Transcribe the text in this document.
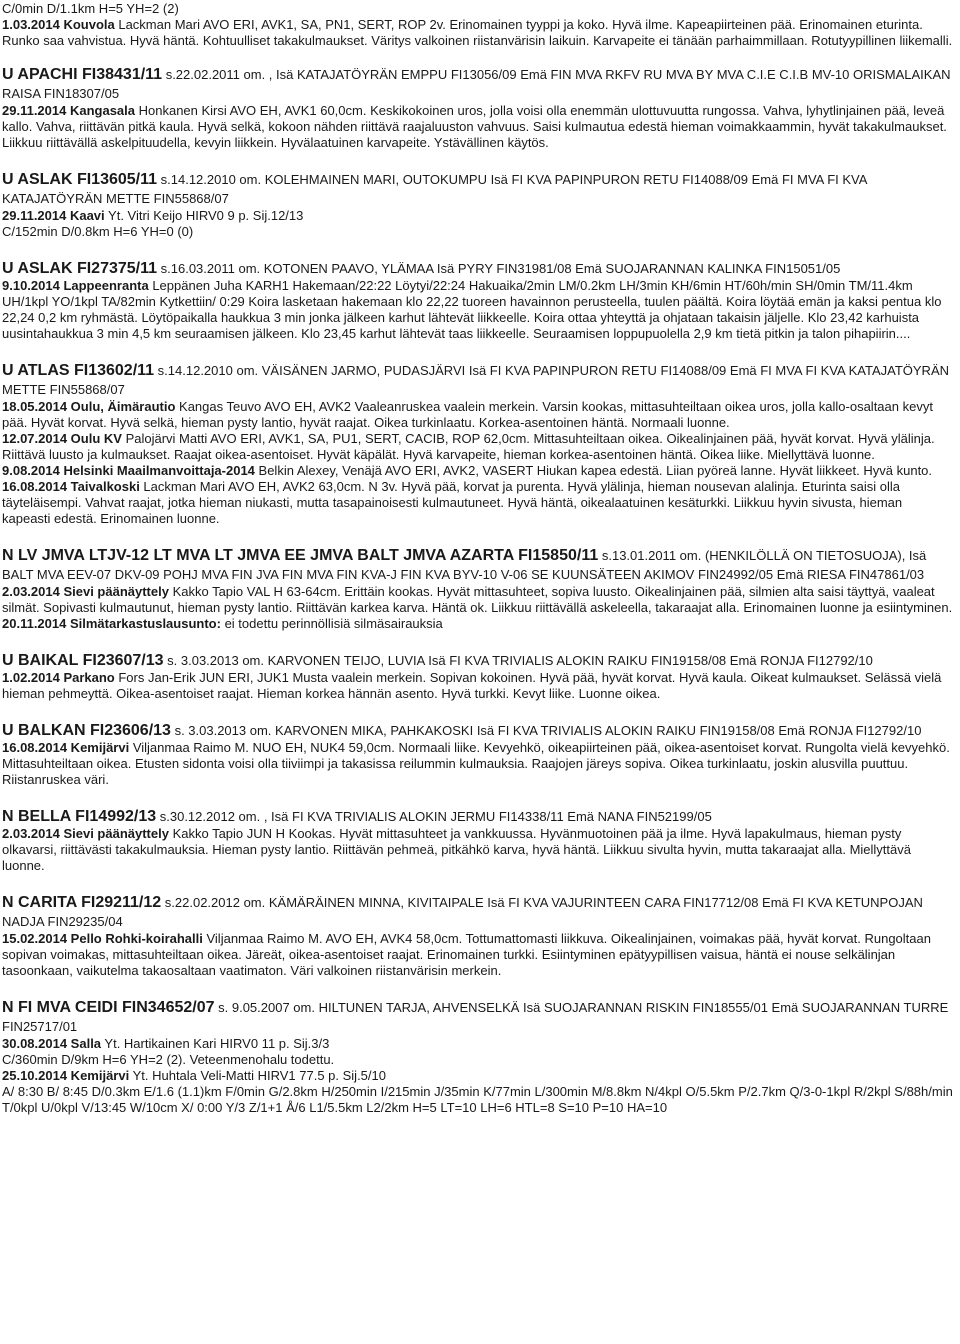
C/0min D/1.1km H=5 YH=2 (2)

1.03.2014 Kouvola Lackman Mari AVO ERI, AVK1, SA, PN1, SERT, ROP 2v. Erinomainen tyyppi ja koko. Hyvä ilme. Kapeapiirteinen pää. Erinomainen eturinta. Runko saa vahvistua. Hyvä häntä. Kohtuulliset takakulmaukset. Väritys valkoinen riistanvärisin laikuin. Karvapeite ei tänään parhaimmillaan. Rotutyypillinen liikemalli.

U APACHI FI38431/11 s.22.02.2011 om. , Isä KATAJATÖYRÄN EMPPU FI13056/09 Emä FIN MVA RKFV RU MVA BY MVA C.I.E C.I.B MV-10 ORISMALAIKAN RAISA FIN18307/05

29.11.2014 Kangasala Honkanen Kirsi AVO EH, AVK1 60,0cm. Keskikokoinen uros, jolla voisi olla enemmän ulottuvuutta rungossa. Vahva, lyhytlinjainen pää, leveä kallo. Vahva, riittävän pitkä kaula. Hyvä selkä, kokoon nähden riittävä raajaluuston vahvuus. Saisi kulmautua edestä hieman voimakkaammin, hyvät takakulmaukset. Liikkuu riittävällä askelpituudella, kevyin liikkein. Hyvälaatuinen karvapeite. Ystävällinen käytös.

U ASLAK FI13605/11 s.14.12.2010 om. KOLEHMAINEN MARI, OUTOKUMPU Isä FI KVA PAPINPURON RETU FI14088/09 Emä FI MVA FI KVA KATAJATÖYRÄN METTE FIN55868/07

29.11.2014 Kaavi Yt. Vitri Keijo HIRV0 9 p. Sij.12/13

C/152min D/0.8km H=6 YH=0 (0)

U ASLAK FI27375/11 s.16.03.2011 om. KOTONEN PAAVO, YLÄMAA Isä PYRY FIN31981/08 Emä SUOJARANNAN KALINKA FIN15051/05

9.10.2014 Lappeenranta Leppänen Juha KARH1 Hakemaan/22:22 Löytyi/22:24 Hakuaika/2min LM/0.2km LH/3min KH/6min HT/60h/min SH/0min TM/11.4km UH/1kpl YO/1kpl TA/82min Kytkettiin/ 0:29 Koira lasketaan hakemaan klo 22,22 tuoreen havainnon perusteella, tuulen päältä. Koira löytää emän ja kaksi pentua klo 22,24 0,2 km ryhmästä. Löytöpaikalla haukkua 3 min jonka jälkeen karhut lähtevät liikkeelle. Koira ottaa yhteyttä ja ohjataan takaisin jäljelle. Klo 23,42 karhuista uusintahaukkua 3 min 4,5 km seuraamisen jälkeen. Klo 23,45 karhut lähtevät taas liikkeelle. Seuraamisen loppupuolella 2,9 km tietä pitkin ja talon pihapiirin....

U ATLAS FI13602/11 s.14.12.2010 om. VÄISÄNEN JARMO, PUDASJÄRVI Isä FI KVA PAPINPURON RETU FI14088/09 Emä FI MVA FI KVA KATAJATÖYRÄN METTE FIN55868/07

18.05.2014 Oulu, Äimärautio Kangas Teuvo AVO EH, AVK2 Vaaleanruskea vaalein merkein. Varsin kookas, mittasuhteiltaan oikea uros, jolla kallo-osaltaan kevyt pää. Hyvät korvat. Hyvä selkä, hieman pysty lantio, hyvät raajat. Oikea turkinlaatu. Korkea-asentoinen häntä. Normaali luonne.

12.07.2014 Oulu KV Palojärvi Matti AVO ERI, AVK1, SA, PU1, SERT, CACIB, ROP 62,0cm. Mittasuhteiltaan oikea. Oikealinjainen pää, hyvät korvat. Hyvä ylälinja. Riittävä luusto ja kulmaukset. Raajat oikea-asentoiset. Hyvät käpälät. Hyvä karvapeite, hieman korkea-asentoinen häntä. Oikea liike. Miellyttävä luonne.

9.08.2014 Helsinki Maailmanvoittaja-2014 Belkin Alexey, Venäjä AVO ERI, AVK2, VASERT Hiukan kapea edestä. Liian pyöreä lanne. Hyvät liikkeet. Hyvä kunto.

16.08.2014 Taivalkoski Lackman Mari AVO EH, AVK2 63,0cm. N 3v. Hyvä pää, korvat ja purenta. Hyvä ylälinja, hieman nousevan alalinja. Eturinta saisi olla täyteläisempi. Vahvat raajat, jotka hieman niukasti, mutta tasapainoisesti kulmautuneet. Hyvä häntä, oikealaatuinen kesäturkki. Liikkuu hyvin sivusta, hieman kapeasti edestä. Erinomainen luonne.

N LV JMVA LTJV-12 LT MVA LT JMVA EE JMVA BALT JMVA AZARTA FI15850/11 s.13.01.2011 om. (HENKILÖLLÄ ON TIETOSUOJA), Isä BALT MVA EEV-07 DKV-09 POHJ MVA FIN JVA FIN MVA FIN KVA-J FIN KVA BYV-10 V-06 SE KUUNSÄTEEN AKIMOV FIN24992/05 Emä RIESA FIN47861/03

2.03.2014 Sievi päänäyttely Kakko Tapio VAL H 63-64cm. Erittäin kookas. Hyvät mittasuhteet, sopiva luusto. Oikealinjainen pää, silmien alta saisi täyttyä, vaaleat silmät. Sopivasti kulmautunut, hieman pysty lantio. Riittävän karkea karva. Häntä ok. Liikkuu riittävällä askeleella, takaraajat alla. Erinomainen luonne ja esiintyminen.

20.11.2014 Silmätarkastuslausunto: ei todettu perinnöllisiä silmäsairauksia

U BAIKAL FI23607/13 s. 3.03.2013 om. KARVONEN TEIJO, LUVIA Isä FI KVA TRIVIALIS ALOKIN RAIKU FIN19158/08 Emä RONJA FI12792/10

1.02.2014 Parkano Fors Jan-Erik JUN ERI, JUK1 Musta vaalein merkein. Sopivan kokoinen. Hyvä pää, hyvät korvat. Hyvä kaula. Oikeat kulmaukset. Selässä vielä hieman pehmeyttä. Oikea-asentoiset raajat. Hieman korkea hännän asento. Hyvä turkki. Kevyt liike. Luonne oikea.

U BALKAN FI23606/13 s. 3.03.2013 om. KARVONEN MIKA, PAHKAKOSKI Isä FI KVA TRIVIALIS ALOKIN RAIKU FIN19158/08 Emä RONJA FI12792/10

16.08.2014 Kemijärvi Viljanmaa Raimo M. NUO EH, NUK4 59,0cm. Normaali liike. Kevyehkö, oikeapiirteinen pää, oikea-asentoiset korvat. Rungolta vielä kevyehkö. Mittasuhteiltaan oikea. Etusten sidonta voisi olla tiiviimpi ja takasissa reilummin kulmauksia. Raajojen järeys sopiva. Oikea turkinlaatu, joskin alusvilla puuttuu. Riistanruskea väri.

N BELLA FI14992/13 s.30.12.2012 om. , Isä FI KVA TRIVIALIS ALOKIN JERMU FI14338/11 Emä NANA FIN52199/05

2.03.2014 Sievi päänäyttely Kakko Tapio JUN H Kookas. Hyvät mittasuhteet ja vankkuussa. Hyvänmuotoinen pää ja ilme. Hyvä lapakulmaus, hieman pysty olkavarsi, riittävästi takakulmauksia. Hieman pysty lantio. Riittävän pehmeä, pitkähkö karva, hyvä häntä. Liikkuu sivulta hyvin, mutta takaraajat alla. Miellyttävä luonne.

N CARITA FI29211/12 s.22.02.2012 om. KÄMÄRÄINEN MINNA, KIVITAIPALE Isä FI KVA VAJURINTEEN CARA FIN17712/08 Emä FI KVA KETUNPOJAN NADJA FIN29235/04

15.02.2014 Pello Rohki-koirahalli Viljanmaa Raimo M. AVO EH, AVK4 58,0cm. Tottumattomasti liikkuva. Oikealinjainen, voimakas pää, hyvät korvat. Rungoltaan sopivan voimakas, mittasuhteiltaan oikea. Järeät, oikea-asentoiset raajat. Erinomainen turkki. Esiintyminen epätyypillisen vaisua, häntä ei nouse selkälinjan tasoonkaan, vaikutelma takaosaltaan vaatimaton. Väri valkoinen riistanvärisin merkein.

N FI MVA CEIDI FIN34652/07 s. 9.05.2007 om. HILTUNEN TARJA, AHVENSELKÄ Isä SUOJARANNAN RISKIN FIN18555/01 Emä SUOJARANNAN TURRE FIN25717/01

30.08.2014 Salla Yt. Hartikainen Kari HIRV0 11 p. Sij.3/3

C/360min D/9km H=6 YH=2 (2). Veteenmenohalu todettu.

25.10.2014 Kemijärvi Yt. Huhtala Veli-Matti HIRV1 77.5 p. Sij.5/10

A/ 8:30 B/ 8:45 D/0.3km E/1.6 (1.1)km F/0min G/2.8km H/250min I/215min J/35min K/77min L/300min M/8.8km N/4kpl O/5.5km P/2.7km Q/3-0-1kpl R/2kpl S/88h/min T/0kpl U/0kpl V/13:45 W/10cm X/ 0:00 Y/3 Z/1+1 Å/6 L1/5.5km L2/2km H=5 LT=10 LH=6 HTL=8 S=10 P=10 HA=10
